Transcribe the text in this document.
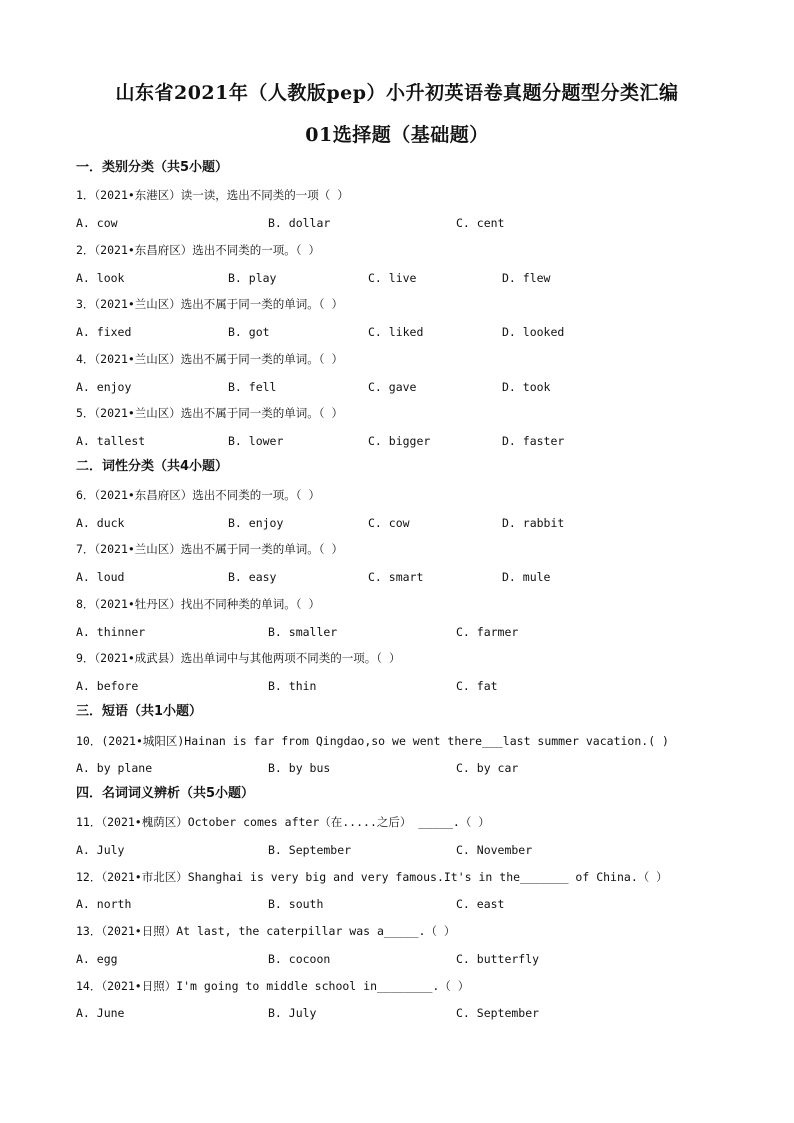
山东省2021年（人教版pep）小升初英语卷真题分题型分类汇编
01选择题（基础题）
一．类别分类（共5小题）
1．（2021•东港区）读一读，选出不同类的一项（ ）
A. cow	B. dollar	C. cent
2．（2021•东昌府区）选出不同类的一项。（ ）
A. look	B. play	C. live	D. flew
3．（2021•兰山区）选出不属于同一类的单词。（ ）
A. fixed	B. got	C. liked	D. looked
4．（2021•兰山区）选出不属于同一类的单词。（ ）
A. enjoy	B. fell	C. gave	D. took
5．（2021•兰山区）选出不属于同一类的单词。（ ）
A. tallest	B. lower	C. bigger	D. faster
二．词性分类（共4小题）
6．（2021•东昌府区）选出不同类的一项。（ ）
A. duck	B. enjoy	C. cow	D. rabbit
7．（2021•兰山区）选出不属于同一类的单词。（ ）
A. loud	B. easy	C. smart	D. mule
8．（2021•牡丹区）找出不同种类的单词。（ ）
A. thinner	B. smaller	C. farmer
9．（2021•成武县）选出单词中与其他两项不同类的一项。（ ）
A. before	B. thin	C. fat
三．短语（共1小题）
10．(2021•城阳区)Hainan is far from Qingdao,so we went there___last summer vacation.( )
A. by plane	B. by bus	C. by car
四．名词词义辨析（共5小题）
11．（2021•槐荫区）October comes after（在.....之后） _____.（ ）
A. July	B. September	C. November
12．（2021•市北区）Shanghai is very big and very famous.It's in the_______ of China.（ ）
A. north	B. south	C. east
13．（2021•日照）At last, the caterpillar was a_____.（ ）
A. egg	B. cocoon	C. butterfly
14．（2021•日照）I'm going to middle school in________.（ ）
A. June	B. July	C. September
